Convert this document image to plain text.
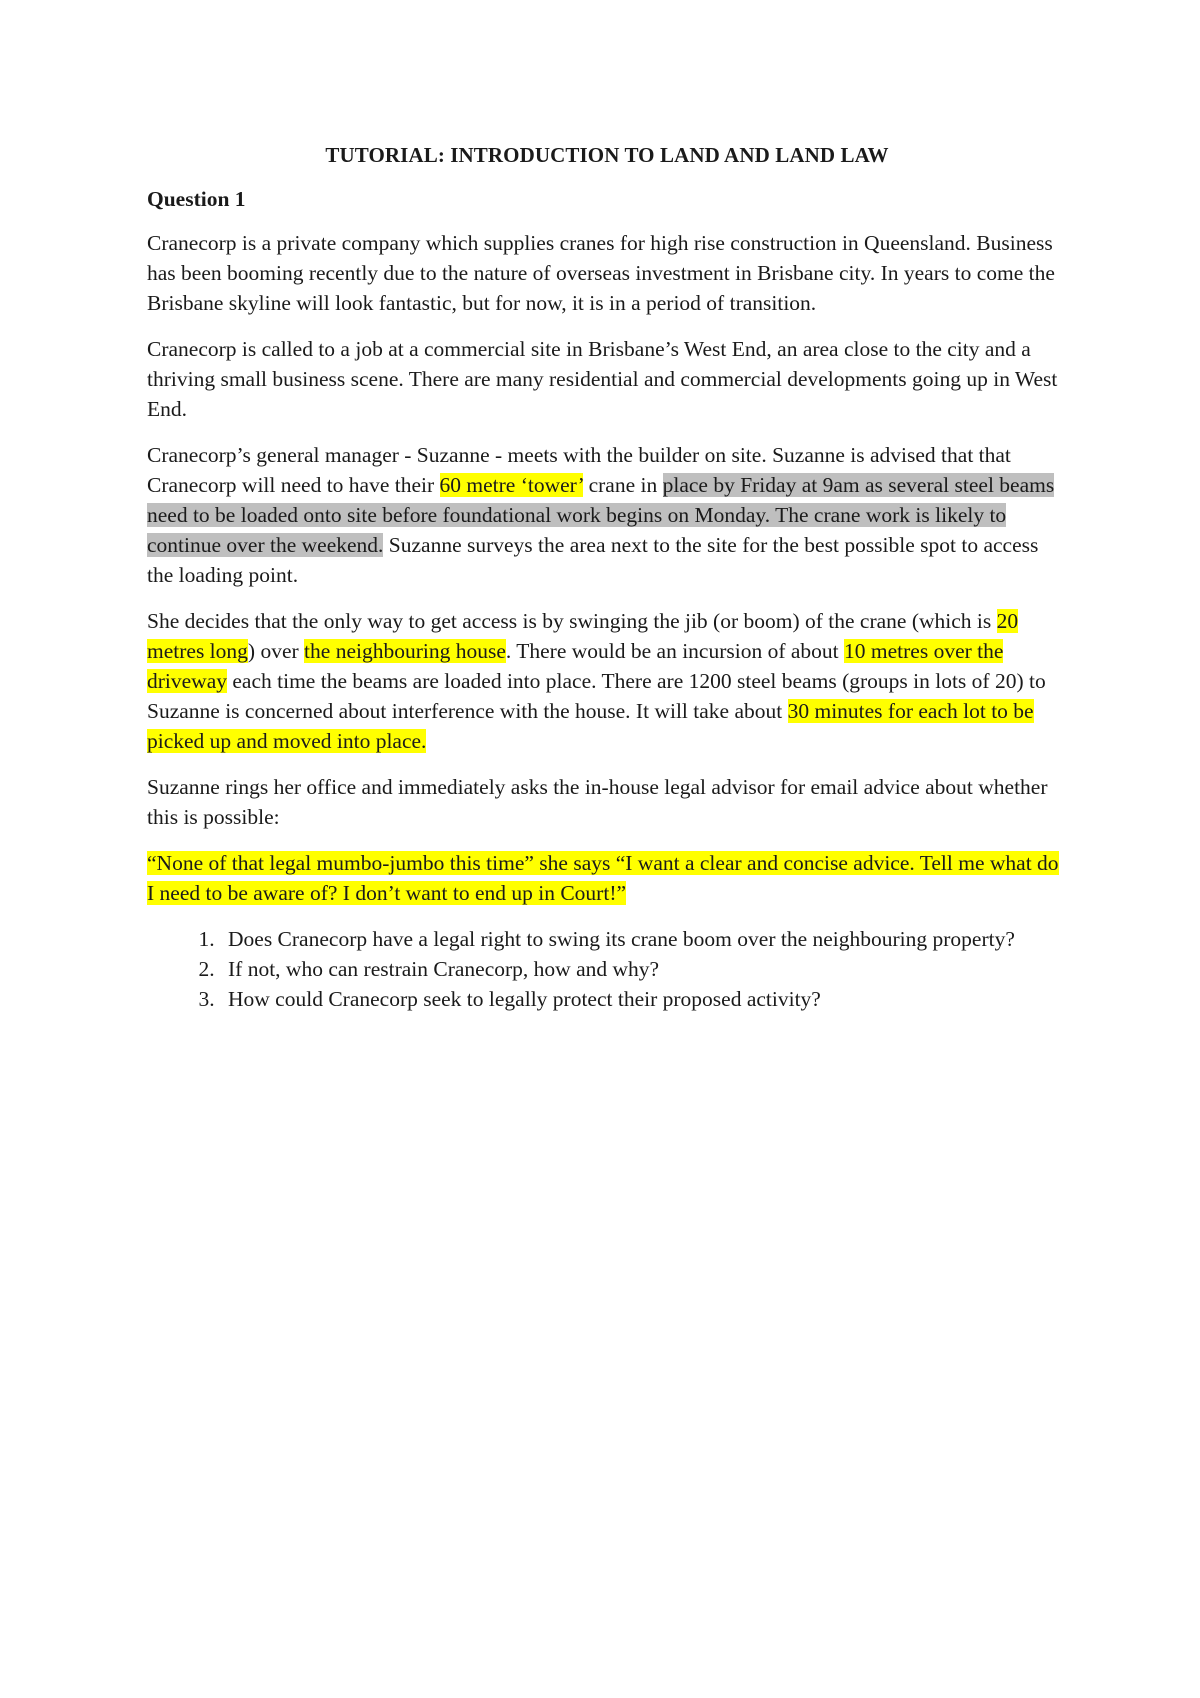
TUTORIAL: INTRODUCTION TO LAND AND LAND LAW
Question 1

Cranecorp is a private company which supplies cranes for high rise construction in Queensland. Business has been booming recently due to the nature of overseas investment in Brisbane city. In years to come the Brisbane skyline will look fantastic, but for now, it is in a period of transition.

Cranecorp is called to a job at a commercial site in Brisbane’s West End, an area close to the city and a thriving small business scene. There are many residential and commercial developments going up in West End.

Cranecorp’s general manager - Suzanne - meets with the builder on site. Suzanne is advised that that Cranecorp will need to have their 60 metre ‘tower’ crane in place by Friday at 9am as several steel beams need to be loaded onto site before foundational work begins on Monday. The crane work is likely to continue over the weekend. Suzanne surveys the area next to the site for the best possible spot to access the loading point.

She decides that the only way to get access is by swinging the jib (or boom) of the crane (which is 20 metres long) over the neighbouring house. There would be an incursion of about 10 metres over the driveway each time the beams are loaded into place. There are 1200 steel beams (groups in lots of 20) to Suzanne is concerned about interference with the house. It will take about 30 minutes for each lot to be picked up and moved into place.

Suzanne rings her office and immediately asks the in-house legal advisor for email advice about whether this is possible:

“None of that legal mumbo-jumbo this time” she says “I want a clear and concise advice. Tell me what do I need to be aware of? I don’t want to end up in Court!”

1. Does Cranecorp have a legal right to swing its crane boom over the neighbouring property?
2. If not, who can restrain Cranecorp, how and why?
3. How could Cranecorp seek to legally protect their proposed activity?
